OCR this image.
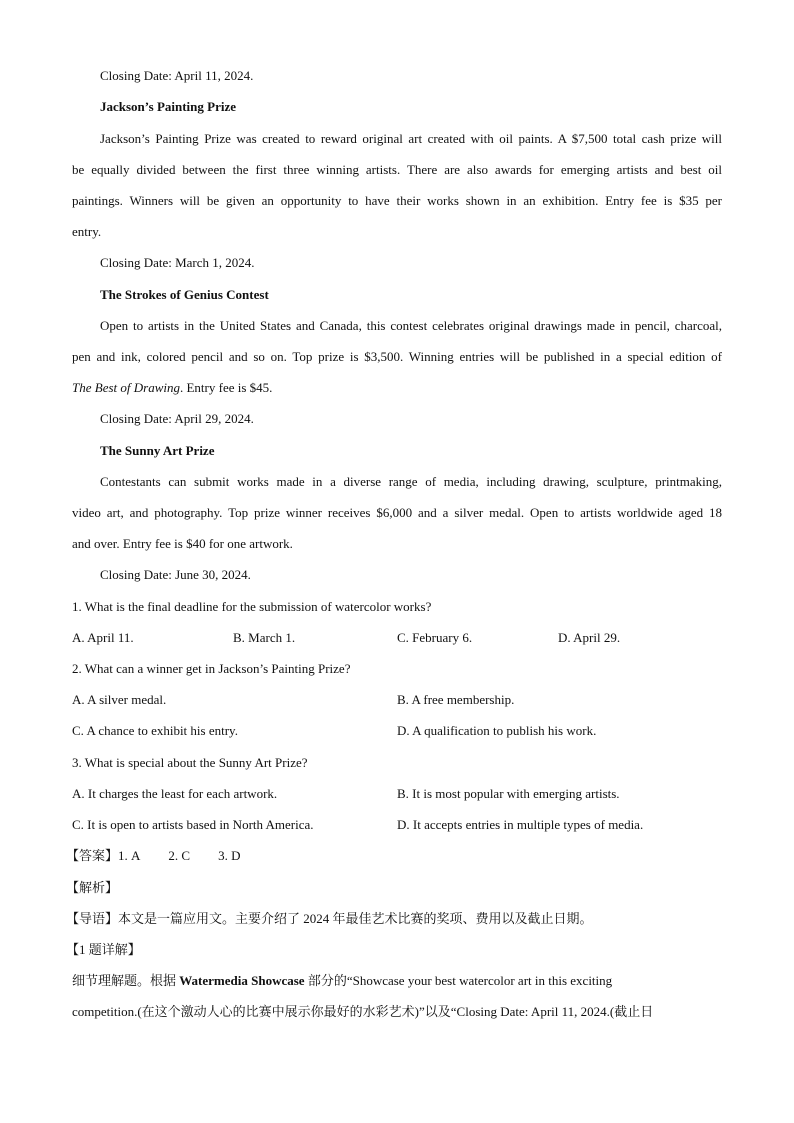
Closing Date: April 11, 2024.
Jackson’s Painting Prize
Jackson’s Painting Prize was created to reward original art created with oil paints. A $7,500 total cash prize will
be equally divided between the first three winning artists. There are also awards for emerging artists and best oil
paintings. Winners will be given an opportunity to have their works shown in an exhibition. Entry fee is $35 per
entry.
Closing Date: March 1, 2024.
The Strokes of Genius Contest
Open to artists in the United States and Canada, this contest celebrates original drawings made in pencil, charcoal,
pen and ink, colored pencil and so on. Top prize is $3,500. Winning entries will be published in a special edition of
The Best of Drawing. Entry fee is $45.
Closing Date: April 29, 2024.
The Sunny Art Prize
Contestants can submit works made in a diverse range of media, including drawing, sculpture, printmaking,
video art, and photography. Top prize winner receives $6,000 and a silver medal. Open to artists worldwide aged 18
and over. Entry fee is $40 for one artwork.
Closing Date: June 30, 2024.
1. What is the final deadline for the submission of watercolor works?
A. April 11.	B. March 1.	C. February 6.	D. April 29.
2. What can a winner get in Jackson’s Painting Prize?
A. A silver medal.	B. A free membership.
C. A chance to exhibit his entry.	D. A qualification to publish his work.
3. What is special about the Sunny Art Prize?
A. It charges the least for each artwork.	B. It is most popular with emerging artists.
C. It is open to artists based in North America.	D. It accepts entries in multiple types of media.
【答案】1. A 2. C 3. D
【解析】
【导语】本文是一篇应用文。主要介绍了 2024 年最佳艺术比赛的奖项、费用以及截止日期。
【1 题详解】
细节理解题。根据 Watermedia Showcase 部分的“Showcase your best watercolor art in this exciting
competition.(在这个激动人心的比赛中展示你最好的水彩艺术)”以及“Closing Date: April 11, 2024.(截止日
